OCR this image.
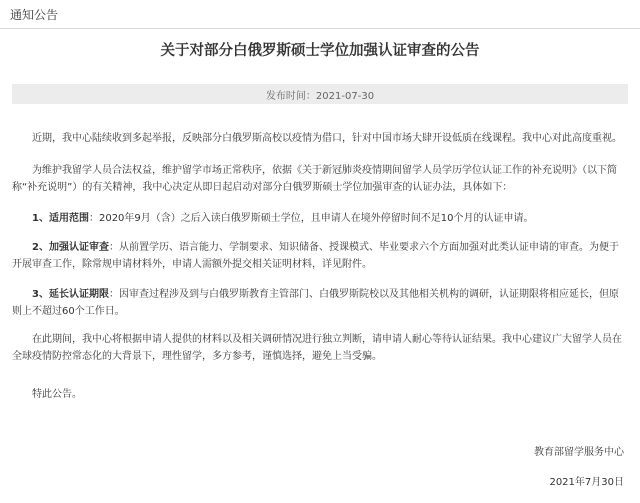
通知公告
关于对部分白俄罗斯硕士学位加强认证审查的公告
发布时间：2021-07-30

近期，我中心陆续收到多起举报，反映部分白俄罗斯高校以疫情为借口，针对中国市场大肆开设低质在线课程。我中心对此高度重视。

为维护我留学人员合法权益，维护留学市场正常秩序，依据《关于新冠肺炎疫情期间留学人员学历学位认证工作的补充说明》（以下简称“补充说明”）的有关精神，我中心决定从即日起启动对部分白俄罗斯硕士学位加强审查的认证办法，具体如下：

1、适用范围：2020年9月（含）之后入读白俄罗斯硕士学位，且申请人在境外停留时间不足10个月的认证申请。

2、加强认证审查：从前置学历、语言能力、学制要求、知识储备、授课模式、毕业要求六个方面加强对此类认证申请的审查。为便于开展审查工作，除常规申请材料外，申请人需额外提交相关证明材料，详见附件。

3、延长认证期限：因审查过程涉及到与白俄罗斯教育主管部门、白俄罗斯院校以及其他相关机构的调研，认证期限将相应延长，但原则上不超过60个工作日。

在此期间，我中心将根据申请人提供的材料以及相关调研情况进行独立判断，请申请人耐心等待认证结果。我中心建议广大留学人员在全球疫情防控常态化的大背景下，理性留学，多方参考，谨慎选择，避免上当受骗。

特此公告。

教育部留学服务中心
2021年7月30日
